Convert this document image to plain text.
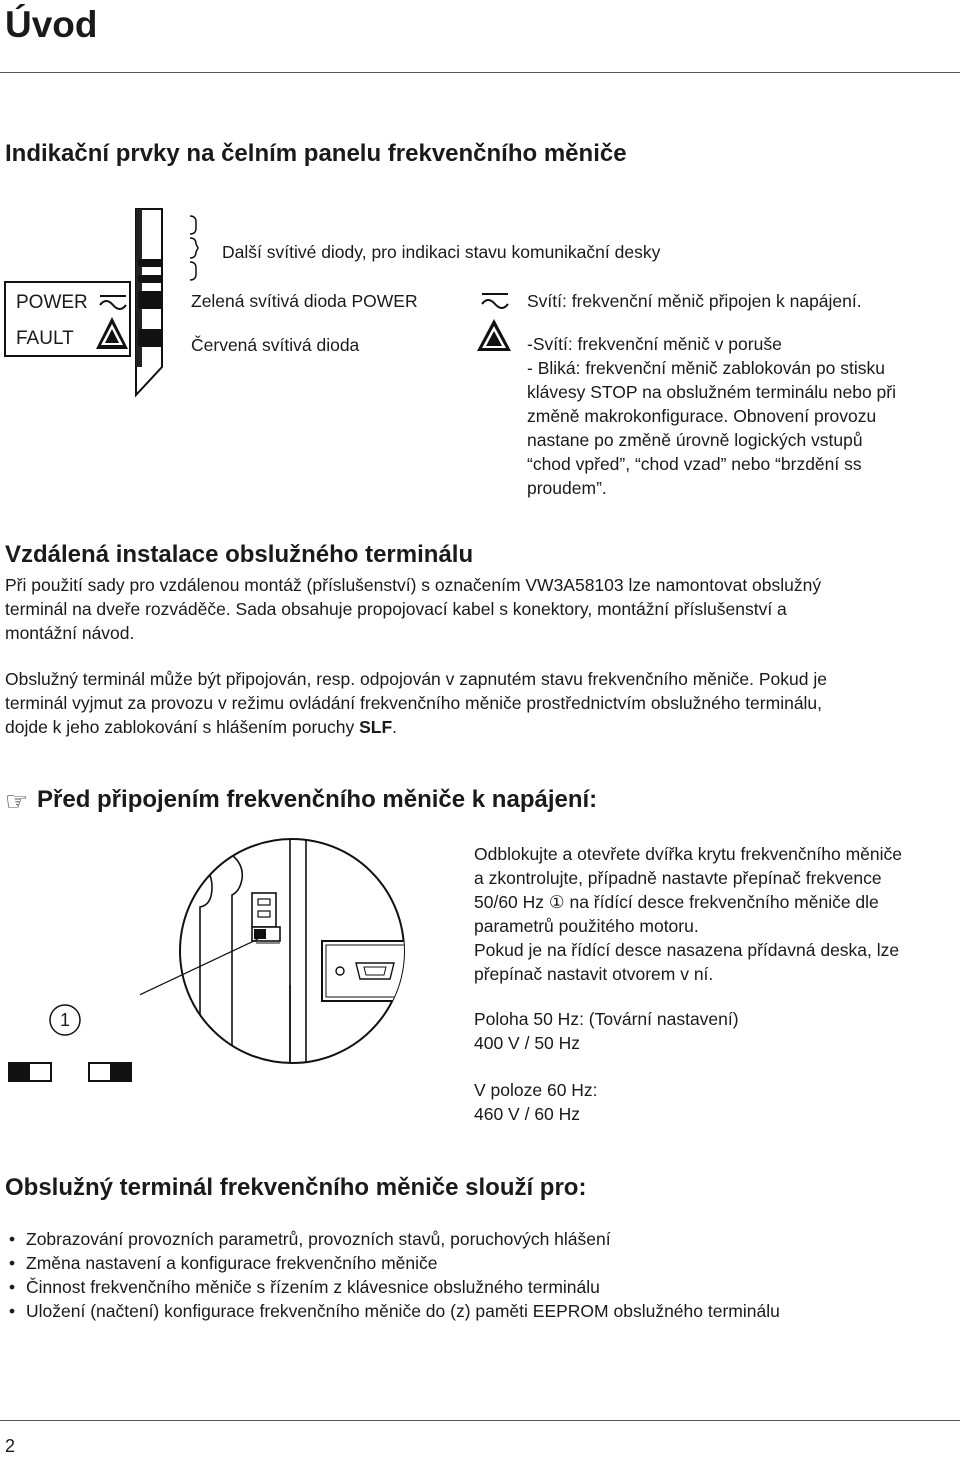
Úvod
Indikační prvky na čelním panelu frekvenčního měniče
POWER
FAULT
Další svítivé diody, pro indikaci stavu komunikační desky
Zelená svítivá dioda POWER	Svítí: frekvenční měnič připojen k napájení.
Červená svítivá dioda	-Svítí: frekvenční měnič v poruše
- Bliká: frekvenční měnič zablokován po stisku
klávesy STOP na obslužném terminálu nebo při
změně makrokonfigurace. Obnovení provozu
nastane po změně úrovně logických vstupů
“chod vpřed”, “chod vzad” nebo “brzdění ss
proudem”.
Vzdálená instalace obslužného terminálu
Při použití sady pro vzdálenou montáž (příslušenství) s označením VW3A58103 lze namontovat obslužný
terminál na dveře rozváděče. Sada obsahuje propojovací kabel s konektory, montážní příslušenství a
montážní návod.
Obslužný terminál může být připojován, resp. odpojován v zapnutém stavu frekvenčního měniče. Pokud je
terminál vyjmut za provozu v režimu ovládání frekvenčního měniče prostřednictvím obslužného terminálu,
dojde k jeho zablokování s hlášením poruchy SLF.
☞ Před připojením frekvenčního měniče k napájení:
1
Odblokujte a otevřete dvířka krytu frekvenčního měniče
a zkontrolujte, případně nastavte přepínač frekvence
50/60 Hz ① na řídící desce frekvenčního měniče dle
parametrů použitého motoru.
Pokud je na řídící desce nasazena přídavná deska, lze
přepínač nastavit otvorem v ní.
Poloha 50 Hz: (Tovární nastavení)
400 V / 50 Hz
V poloze 60 Hz:
460 V / 60 Hz
Obslužný terminál frekvenčního měniče slouží pro:
• Zobrazování provozních parametrů, provozních stavů, poruchových hlášení
• Změna nastavení a konfigurace frekvenčního měniče
• Činnost frekvenčního měniče s řízením z klávesnice obslužného terminálu
• Uložení (načtení) konfigurace frekvenčního měniče do (z) paměti EEPROM obslužného terminálu
2
